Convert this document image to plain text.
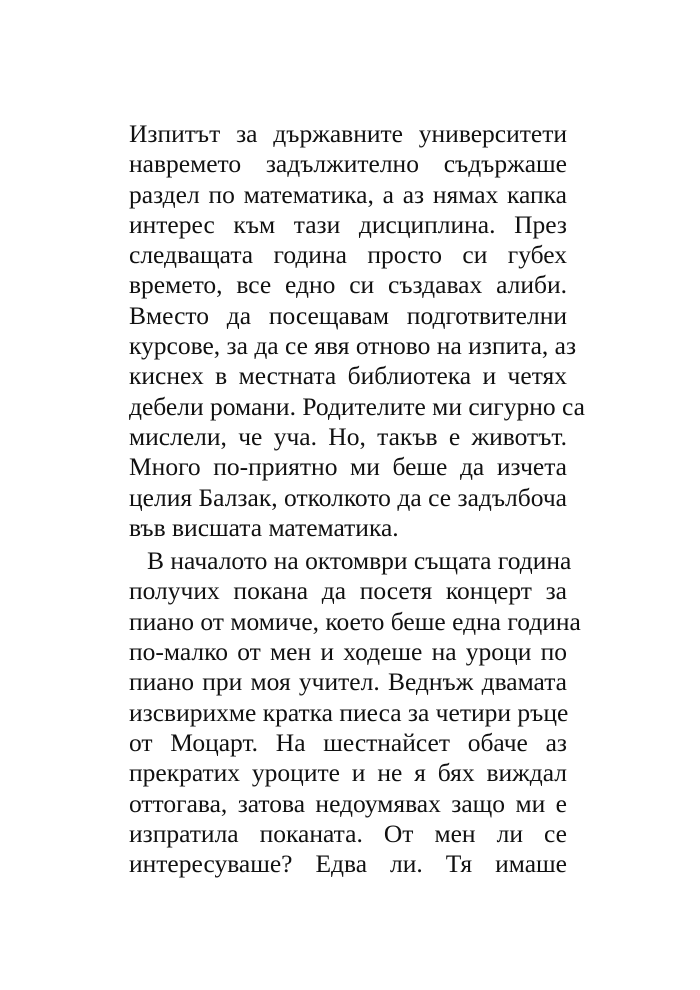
Изпитът за държавните университети
навремето задължително съдържаше
раздел по математика, а аз нямах капка
интерес към тази дисциплина. През
следващата година просто си губех
времето, все едно си създавах алиби.
Вместо да посещавам подготвителни
курсове, за да се явя отново на изпита, аз
киснех в местната библиотека и четях
дебели романи. Родителите ми сигурно са
мислели, че уча. Но, такъв е животът.
Много по-приятно ми беше да изчета
целия Балзак, отколкото да се задълбоча
във висшата математика.
В началото на октомври същата година
получих покана да посетя концерт за
пиано от момиче, което беше една година
по-малко от мен и ходеше на уроци по
пиано при моя учител. Веднъж двамата
изсвирихме кратка пиеса за четири ръце
от Моцарт. На шестнайсет обаче аз
прекратих уроците и не я бях виждал
оттогава, затова недоумявах защо ми е
изпратила поканата. От мен ли се
интересуваше? Едва ли. Тя имаше
